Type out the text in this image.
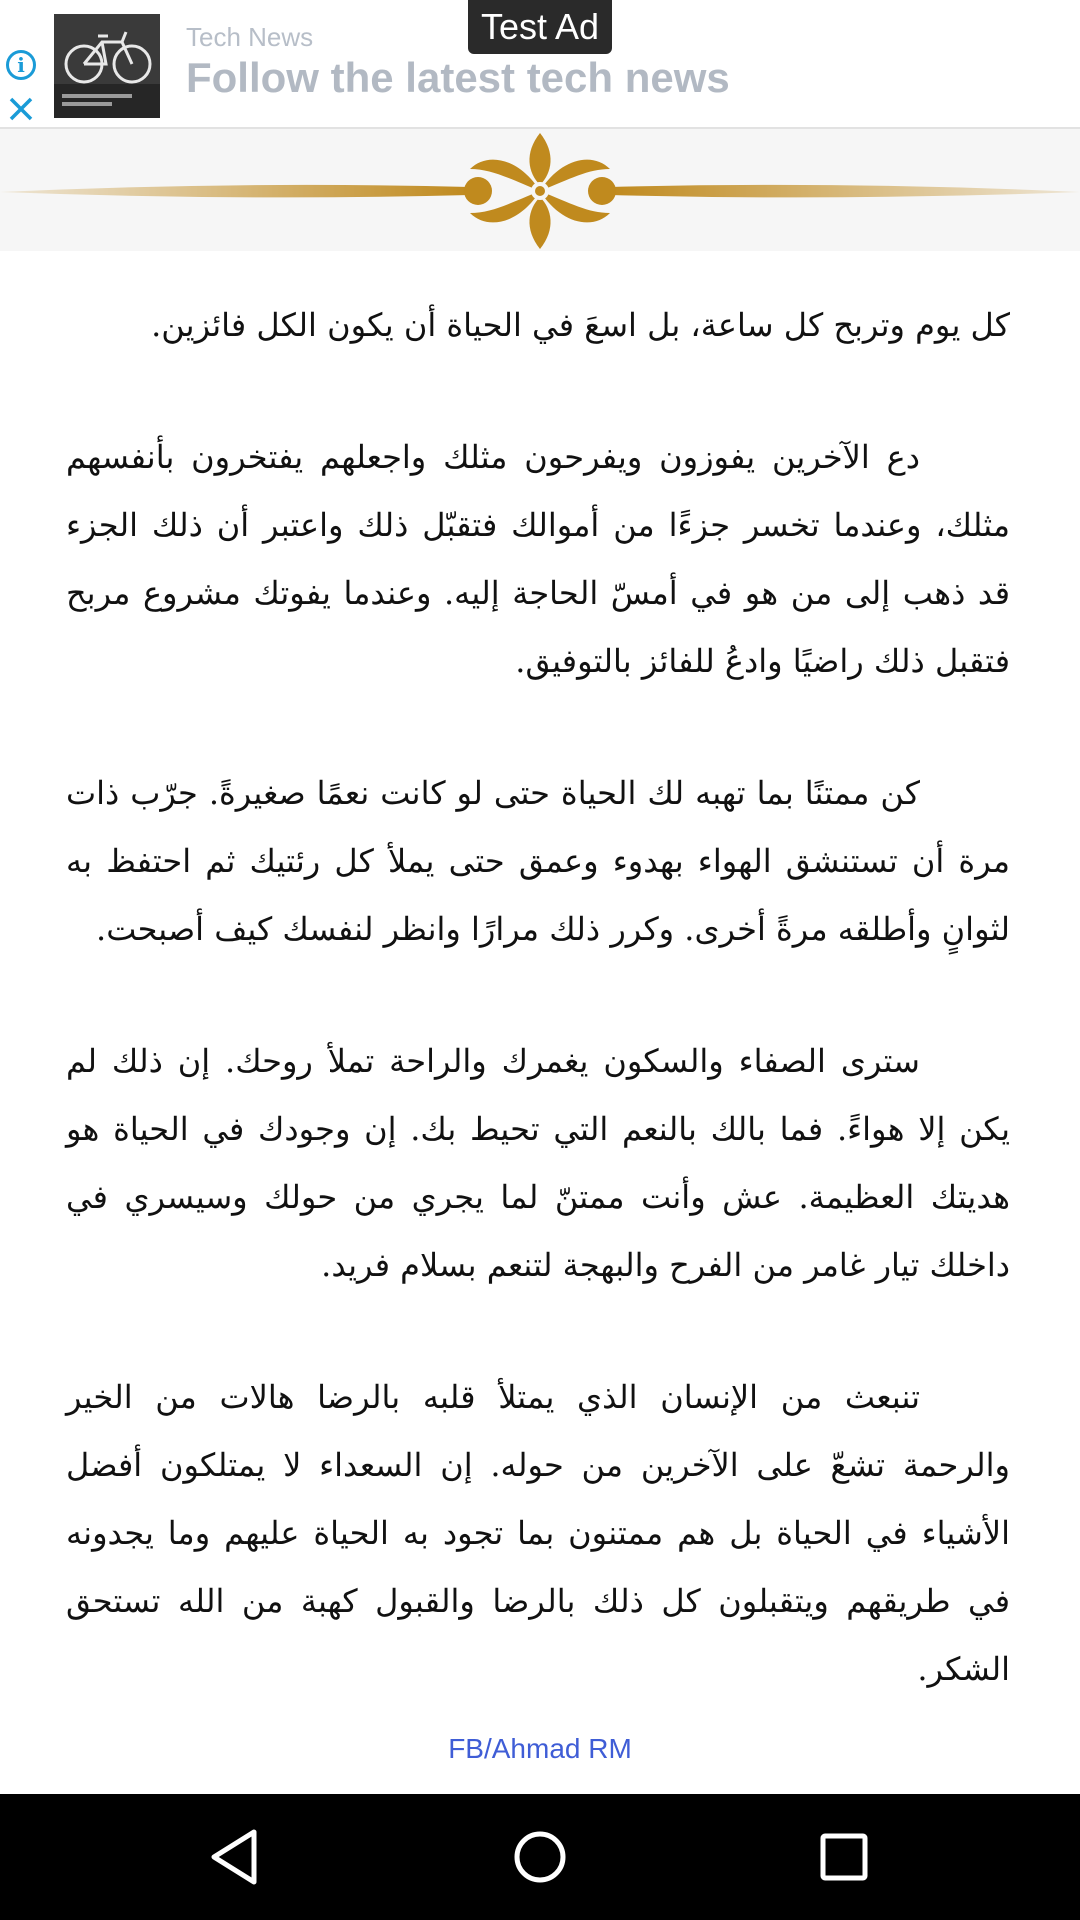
i
Tech News
Follow the latest tech news
Test Ad

كل يوم وتربح كل ساعة، بل اسعَ في الحياة أن يكون الكل فائزين.

دع الآخرين يفوزون ويفرحون مثلك واجعلهم يفتخرون بأنفسهم مثلك، وعندما تخسر جزءًا من أموالك فتقبّل ذلك واعتبر أن ذلك الجزء قد ذهب إلى من هو في أمسّ الحاجة إليه. وعندما يفوتك مشروع مربح فتقبل ذلك راضيًا وادعُ للفائز بالتوفيق.

كن ممتنًا بما تهبه لك الحياة حتى لو كانت نعمًا صغيرةً. جرّب ذات مرة أن تستنشق الهواء بهدوء وعمق حتى يملأ كل رئتيك ثم احتفظ به لثوانٍ وأطلقه مرةً أخرى. وكرر ذلك مرارًا وانظر لنفسك كيف أصبحت.

سترى الصفاء والسكون يغمرك والراحة تملأ روحك. إن ذلك لم يكن إلا هواءً. فما بالك بالنعم التي تحيط بك. إن وجودك في الحياة هو هديتك العظيمة. عش وأنت ممتنّ لما يجري من حولك وسيسري في داخلك تيار غامر من الفرح والبهجة لتنعم بسلام فريد.

تنبعث من الإنسان الذي يمتلأ قلبه بالرضا هالات من الخير والرحمة تشعّ على الآخرين من حوله. إن السعداء لا يمتلكون أفضل الأشياء في الحياة بل هم ممتنون بما تجود به الحياة عليهم وما يجدونه في طريقهم ويتقبلون كل ذلك بالرضا والقبول كهبة من الله تستحق الشكر.

FB/Ahmad RM
